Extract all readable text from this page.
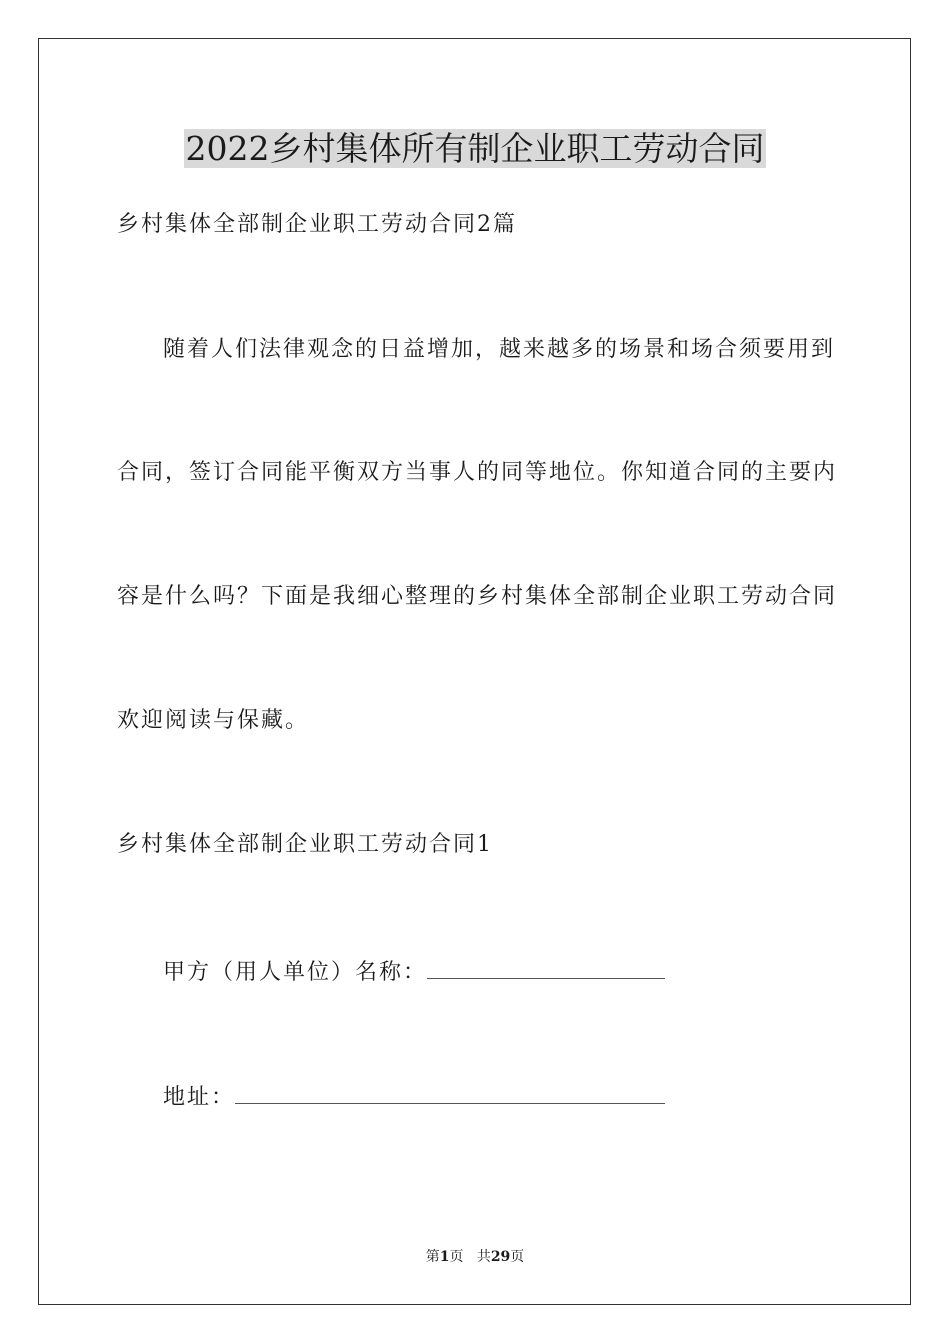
2022乡村集体所有制企业职工劳动合同
乡村集体全部制企业职工劳动合同2篇
随着人们法律观念的日益增加，越来越多的场景和场合须要用到
合同，签订合同能平衡双方当事人的同等地位。你知道合同的主要内
容是什么吗？下面是我细心整理的乡村集体全部制企业职工劳动合同
欢迎阅读与保藏。
乡村集体全部制企业职工劳动合同1
甲方（用人单位）名称：
地址：
第1页 共29页
